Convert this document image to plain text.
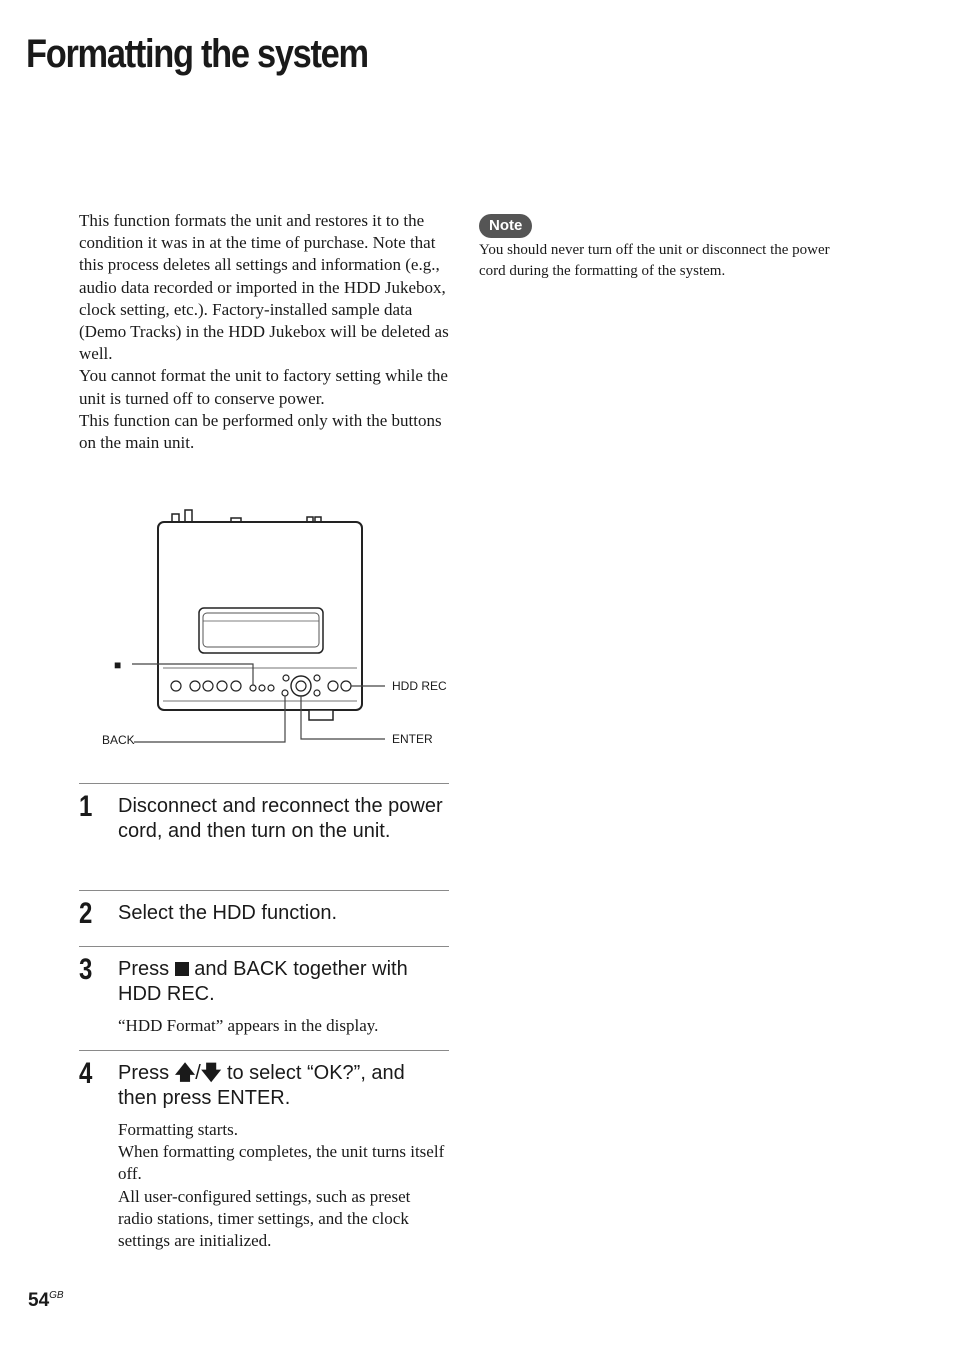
Formatting the system

This function formats the unit and restores it to the condition it was in at the time of purchase. Note that this process deletes all settings and information (e.g., audio data recorded or imported in the HDD Jukebox, clock setting, etc.). Factory-installed sample data (Demo Tracks) in the HDD Jukebox will be deleted as well.

You cannot format the unit to factory setting while the unit is turned off to conserve power.

This function can be performed only with the buttons on the main unit.

Note
You should never turn off the unit or disconnect the power cord during the formatting of the system.
■
HDD REC
BACK	ENTER
1 Disconnect and reconnect the power cord, and then turn on the unit.
2 Select the HDD function.
3 Press and BACK together with HDD REC.

“HDD Format” appears in the display.

4 Press 🡅/🡇 to select “OK?”, and then press ENTER.

Formatting starts.

When formatting completes, the unit turns itself off.

All user-configured settings, such as preset radio stations, timer settings, and the clock settings are initialized.

$54^{GB}$
